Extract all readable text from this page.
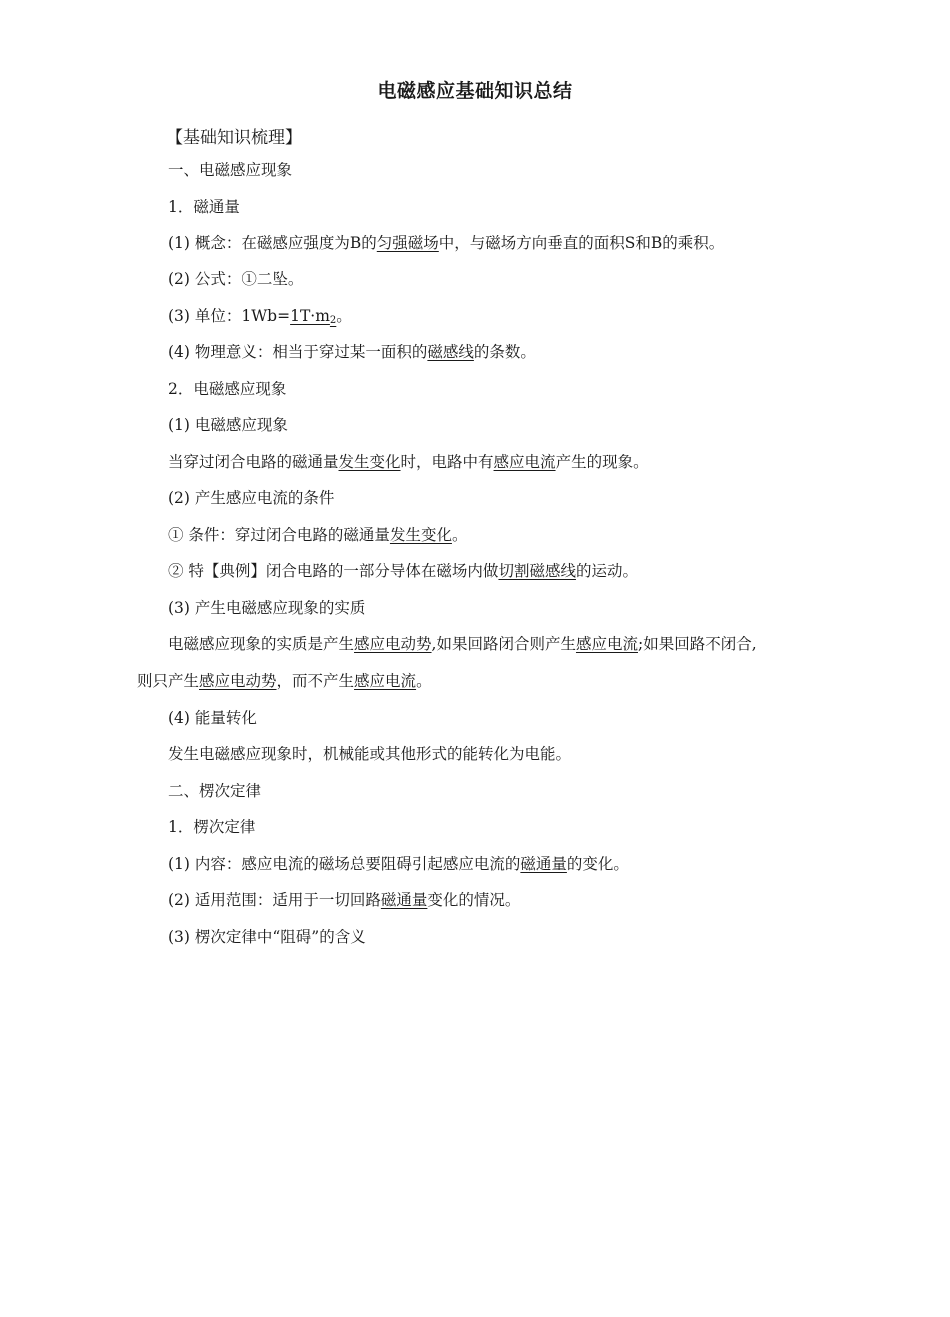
电磁感应基础知识总结
【基础知识梳理】
一、电磁感应现象
1．磁通量
(1) 概念：在磁感应强度为B的匀强磁场中，与磁场方向垂直的面积S和B的乘积。
(2) 公式：①二坠。
(3) 单位：$1Wb=1T\cdot m_2$。
(4) 物理意义：相当于穿过某一面积的磁感线的条数。
2．电磁感应现象
(1) 电磁感应现象
当穿过闭合电路的磁通量发生变化时，电路中有感应电流产生的现象。
(2) 产生感应电流的条件
① 条件：穿过闭合电路的磁通量发生变化。
② 特【典例】闭合电路的一部分导体在磁场内做切割磁感线的运动。
(3) 产生电磁感应现象的实质
电磁感应现象的实质是产生感应电动势,如果回路闭合则产生感应电流;如果回路不闭合,
则只产生感应电动势，而不产生感应电流。
(4) 能量转化
发生电磁感应现象时，机械能或其他形式的能转化为电能。
二、楞次定律
1．楞次定律
(1) 内容：感应电流的磁场总要阻碍引起感应电流的磁通量的变化。
(2) 适用范围：适用于一切回路磁通量变化的情况。
(3) 楞次定律中“阻碍”的含义
